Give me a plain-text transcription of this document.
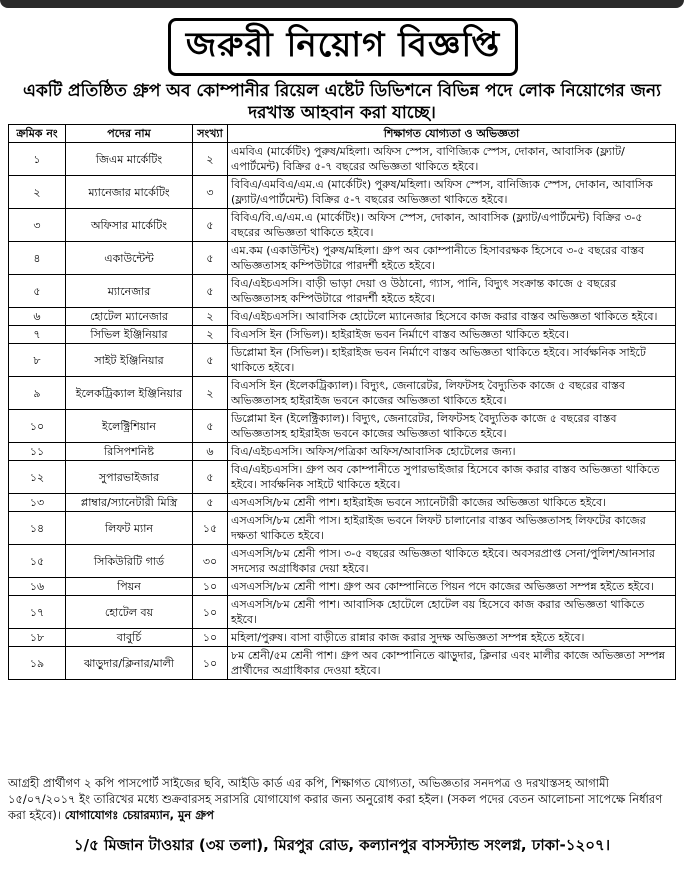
জরুরী নিয়োগ বিজ্ঞপ্তি
একটি প্রতিষ্ঠিত গ্রুপ অব কোম্পানীর রিয়েল এষ্টেট ডিভিশনে বিভিন্ন পদে লোক নিয়োগের জন্য দরখাস্ত আহবান করা যাচ্ছে।
ক্রমিক নং	পদের নাম	সংখ্যা	শিক্ষাগত যোগ্যতা ও অভিজ্ঞতা
১	জিএম মার্কেটিং	২	এমবিএ (মার্কেটিং) পুরুষ/মহিলা। অফিস স্পেস, বাণিজ্যিক স্পেস, দোকান, আবাসিক (ফ্ল্যাট/এপার্টমেন্ট) বিক্রির ৫-৭ বছরের অভিজ্ঞতা থাকিতে হইবে।
২	ম্যানেজার মার্কেটিং	৩	বিবিএ/এমবিএ/এম.এ (মার্কেটিং) পুরুষ/মহিলা। অফিস স্পেস, বানিজ্যিক স্পেস, দোকান, আবাসিক (ফ্ল্যাট/এপার্টমেন্ট) বিক্রির ৫-৭ বছরের অভিজ্ঞতা থাকিতে হইবে।
৩	অফিসার মার্কেটিং	৫	বিবিএ/বি.এ/এম.এ (মার্কেটিং)। অফিস স্পেস, দোকান, আবাসিক (ফ্ল্যাট/এপার্টমেন্ট) বিক্রির ৩-৫ বছরের অভিজ্ঞতা থাকিতে হইবে।
৪	একাউন্টেন্ট	৫	এম.কম (একাউন্টিং) পুরুষ/মহিলা। গ্রুপ অব কোম্পানীতে হিসাবরক্ষক হিসেবে ৩-৫ বছরের বাস্তব অভিজ্ঞতাসহ কম্পিউটারে পারদর্শী হইতে হইবে।
৫	ম্যানেজার	৫	বিএ/এইচএসসি। বাড়ী ভাড়া দেয়া ও উঠানো, গ্যাস, পানি, বিদ্যুৎ সংক্রান্ত কাজে ৫ বছরের অভিজ্ঞতাসহ কম্পিউটারে পারদর্শী হইতে হইবে।
৬	হোটেল ম্যানেজার	২	বিএ/এইচএসসি। আবাসিক হোটেলে ম্যানেজার হিসেবে কাজ করার বাস্তব অভিজ্ঞতা থাকিতে হইবে।
৭	সিভিল ইঞ্জিনিয়ার	২	বিএসসি ইন (সিভিল)। হাইরাইজ ভবন নির্মাণে বাস্তব অভিজ্ঞতা থাকিতে হইবে।
৮	সাইট ইঞ্জিনিয়ার	৫	ডিপ্লোমা ইন (সিভিল)। হাইরাইজ ভবন নির্মাণে বাস্তব অভিজ্ঞতা থাকিতে হইবে। সার্বক্ষনিক সাইটে থাকিতে হইবে।
৯	ইলেকট্রিক্যাল ইঞ্জিনিয়ার	২	বিএসসি ইন (ইলেকট্রিক্যাল)। বিদ্যুৎ, জেনারেটর, লিফটসহ বৈদ্যুতিক কাজে ৫ বছরের বাস্তব অভিজ্ঞতাসহ হাইরাইজ ভবনে কাজের অভিজ্ঞতা থাকিতে হইবে।
১০	ইলেক্ট্রিশিয়ান	৫	ডিপ্লোমা ইন (ইলেক্ট্রিক্যাল)। বিদ্যুৎ, জেনারেটর, লিফটসহ বৈদ্যুতিক কাজে ৫ বছরের বাস্তব অভিজ্ঞতাসহ হাইরাইজ ভবনে কাজের অভিজ্ঞতা থাকিতে হইবে।
১১	রিসিপশনিষ্ট	৬	বিএ/এইচএসসি। অফিস/পত্রিকা অফিস/আবাসিক হোটেলের জন্য।
১২	সুপারভাইজার	৫	বিএ/এইচএসসি। গ্রুপ অব কোম্পানীতে সুপারভাইজার হিসেবে কাজ করার বাস্তব অভিজ্ঞতা থাকিতে হইবে। সার্বক্ষনিক সাইটে থাকিতে হইবে।
১৩	প্লাম্বার/স্যানেটারী মিস্ত্রি	৫	এসএসসি/৮ম শ্রেনী পাশ। হাইরাইজ ভবনে স্যানেটারী কাজের অভিজ্ঞতা থাকিতে হইবে।
১৪	লিফট ম্যান	১৫	এসএসসি/৮ম শ্রেনী পাস। হাইরাইজ ভবনে লিফট চালানোর বাস্তব অভিজ্ঞতাসহ লিফটের কাজের দক্ষতা থাকিতে হইবে।
১৫	সিকিউরিটি গার্ড	৩০	এসএসসি/৮ম শ্রেনী পাস। ৩-৫ বছরের অভিজ্ঞতা থাকিতে হইবে। অবসরপ্রাপ্ত সেনা/পুলিশ/আনসার সদস্যের অগ্রাধিকার দেয়া হইবে।
১৬	পিয়ন	১০	এসএসসি/৮ম শ্রেনী পাশ। গ্রুপ অব কোম্পানিতে পিয়ন পদে কাজের অভিজ্ঞতা সম্পন্ন হইতে হইবে।
১৭	হোটেল বয়	১০	এসএসসি/৮ম শ্রেনী পাশ। আবাসিক হোটেলে হোটেল বয় হিসেবে কাজ করার অভিজ্ঞতা থাকিতে হইবে।
১৮	বাবুর্চি	১০	মহিলা/পুরুষ। বাসা বাড়ীতে রান্নার কাজ করার সুদক্ষ অভিজ্ঞতা সম্পন্ন হইতে হইবে।
১৯	ঝাড়ুদার/ক্লিনার/মালী	১০	৮ম শ্রেনী/৫ম শ্রেনী পাশ। গ্রুপ অব কোম্পানিতে ঝাড়ুদার, ক্লিনার এবং মালীর কাজে অভিজ্ঞতা সম্পন্ন প্রার্থীদের অগ্রাধিকার দেওয়া হইবে।
আগ্রহী প্রার্থীগণ ২ কপি পাসপোর্ট সাইজের ছবি, আইডি কার্ড এর কপি, শিক্ষাগত যোগ্যতা, অভিজ্ঞতার সনদপত্র ও দরখাস্তসহ আগামী ১৫/০৭/২০১৭ ইং তারিখের মধ্যে শুক্রবারসহ সরাসরি যোগাযোগ করার জন্য অনুরোধ করা হইল। (সকল পদের বেতন আলোচনা সাপেক্ষে নির্ধারণ করা হইবে)। যোগাযোগঃ চেয়ারম্যান, মুন গ্রুপ
১/৫ মিজান টাওয়ার (৩য় তলা), মিরপুর রোড, কল্যানপুর বাসস্ট্যান্ড সংলগ্ন, ঢাকা-১২০৭।
